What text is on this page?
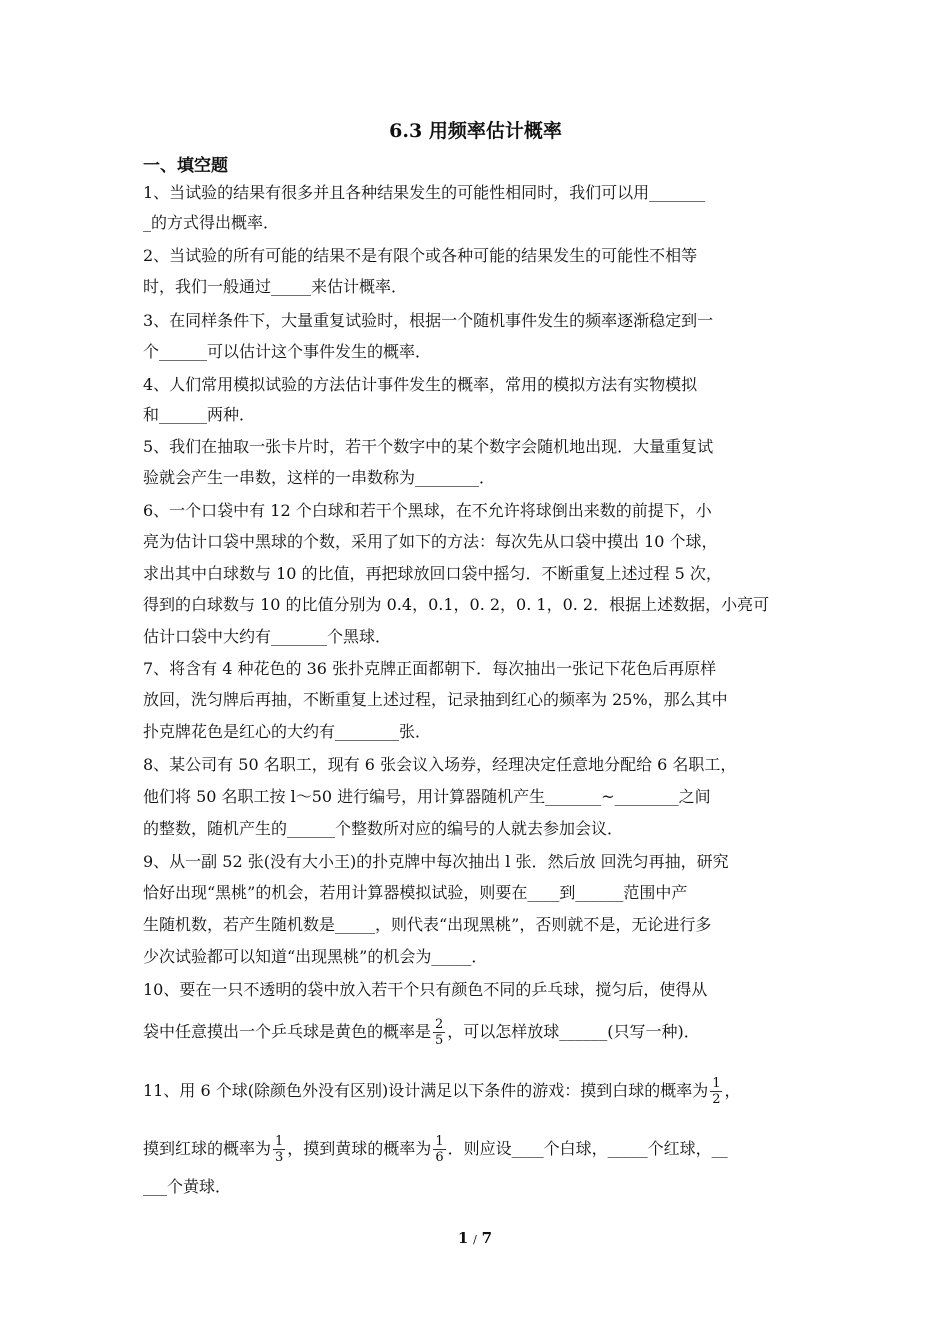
6.3 用频率估计概率
一、填空题
1、当试验的结果有很多并且各种结果发生的可能性相同时，我们可以用_______
_的方式得出概率．
2、当试验的所有可能的结果不是有限个或各种可能的结果发生的可能性不相等
时，我们一般通过_____来估计概率．
3、在同样条件下，大量重复试验时，根据一个随机事件发生的频率逐渐稳定到一
个______可以估计这个事件发生的概率．
4、人们常用模拟试验的方法估计事件发生的概率，常用的模拟方法有实物模拟
和______两种．
5、我们在抽取一张卡片时，若干个数字中的某个数字会随机地出现．大量重复试
验就会产生一串数，这样的一串数称为________．
6、一个口袋中有 12 个白球和若干个黑球，在不允许将球倒出来数的前提下，小
亮为估计口袋中黑球的个数，采用了如下的方法：每次先从口袋中摸出 10 个球，
求出其中白球数与 10 的比值，再把球放回口袋中摇匀．不断重复上述过程 5 次，
得到的白球数与 10 的比值分别为 0.4，0.1，0. 2，0. 1，0. 2．根据上述数据，小亮可
估计口袋中大约有_______个黑球．
7、将含有 4 种花色的 36 张扑克牌正面都朝下．每次抽出一张记下花色后再原样
放回，洗匀牌后再抽，不断重复上述过程，记录抽到红心的频率为 25%，那么其中
扑克牌花色是红心的大约有________张．
8、某公司有 50 名职工，现有 6 张会议入场券，经理决定任意地分配给 6 名职工，
他们将 50 名职工按 l～50 进行编号，用计算器随机产生_______~________之间
的整数，随机产生的______个整数所对应的编号的人就去参加会议．
9、从一副 52 张(没有大小王)的扑克牌中每次抽出 l 张．然后放 回洗匀再抽，研究
恰好出现“黑桃”的机会，若用计算器模拟试验，则要在____到______范围中产
生随机数，若产生随机数是_____，则代表“出现黑桃”，否则就不是，无论进行多
少次试验都可以知道“出现黑桃”的机会为_____．
10、要在一只不透明的袋中放入若干个只有颜色不同的乒乓球，搅匀后，使得从
袋中任意摸出一个乒乓球是黄色的概率是 $\frac{2}{5}$ ，可以怎样放球______(只写一种)．
11、用 6 个球(除颜色外没有区别)设计满足以下条件的游戏：摸到白球的概率为 $\frac{1}{2}$ ，
摸到红球的概率为 $\frac{1}{3}$ ，摸到黄球的概率为 $\frac{1}{6}$ ．则应设____个白球，_____个红球，__
___个黄球．
1 / 7
